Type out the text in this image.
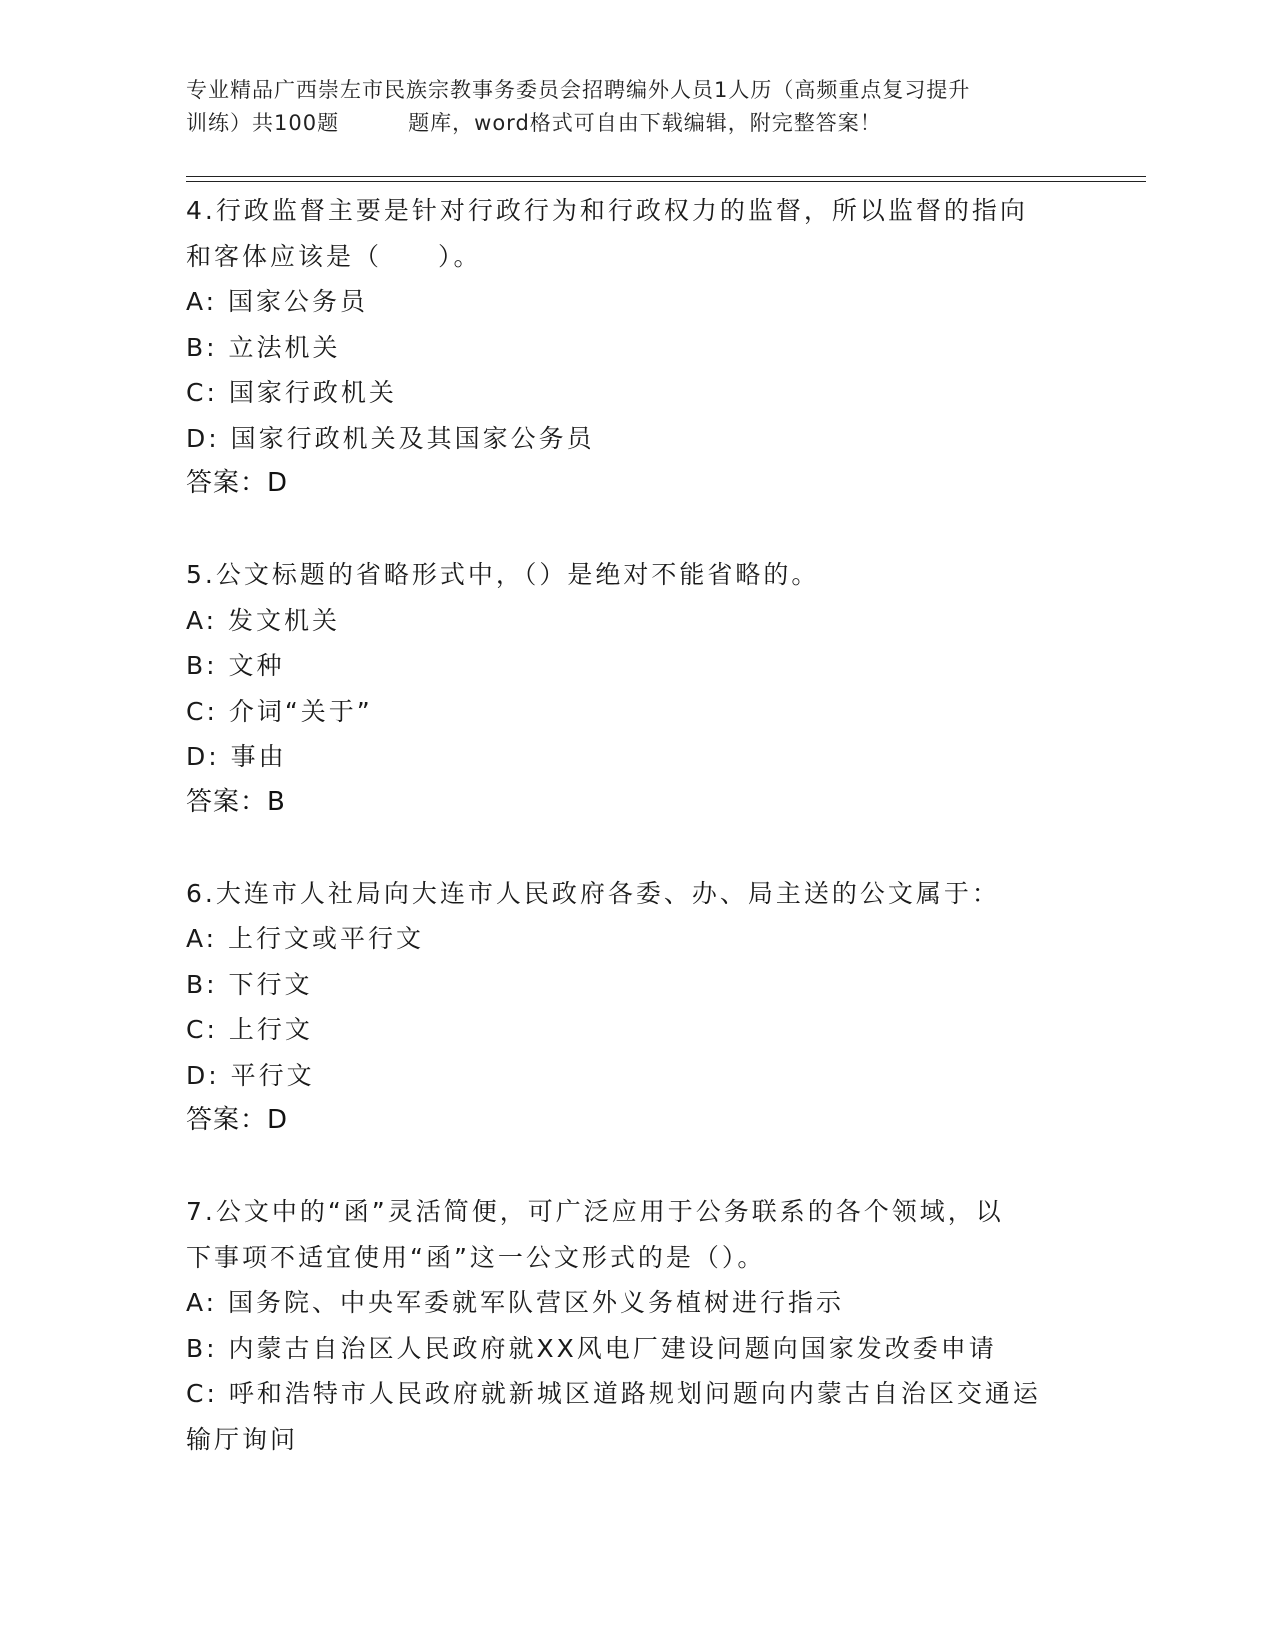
专业精品广西崇左市民族宗教事务委员会招聘编外人员1人历（高频重点复习提升
训练）共100题         题库，word格式可自由下载编辑，附完整答案！
4.行政监督主要是针对行政行为和行政权力的监督，所以监督的指向
和客体应该是（　　）。
A: 国家公务员
B: 立法机关
C: 国家行政机关
D: 国家行政机关及其国家公务员
答案：D
5.公文标题的省略形式中，（）是绝对不能省略的。
A: 发文机关
B: 文种
C: 介词“关于”
D: 事由
答案：B
6.大连市人社局向大连市人民政府各委、办、局主送的公文属于：
A: 上行文或平行文
B: 下行文
C: 上行文
D: 平行文
答案：D
7.公文中的“函”灵活简便，可广泛应用于公务联系的各个领域，以
下事项不适宜使用“函”这一公文形式的是（）。
A: 国务院、中央军委就军队营区外义务植树进行指示
B: 内蒙古自治区人民政府就XX风电厂建设问题向国家发改委申请
C: 呼和浩特市人民政府就新城区道路规划问题向内蒙古自治区交通运
输厅询问
